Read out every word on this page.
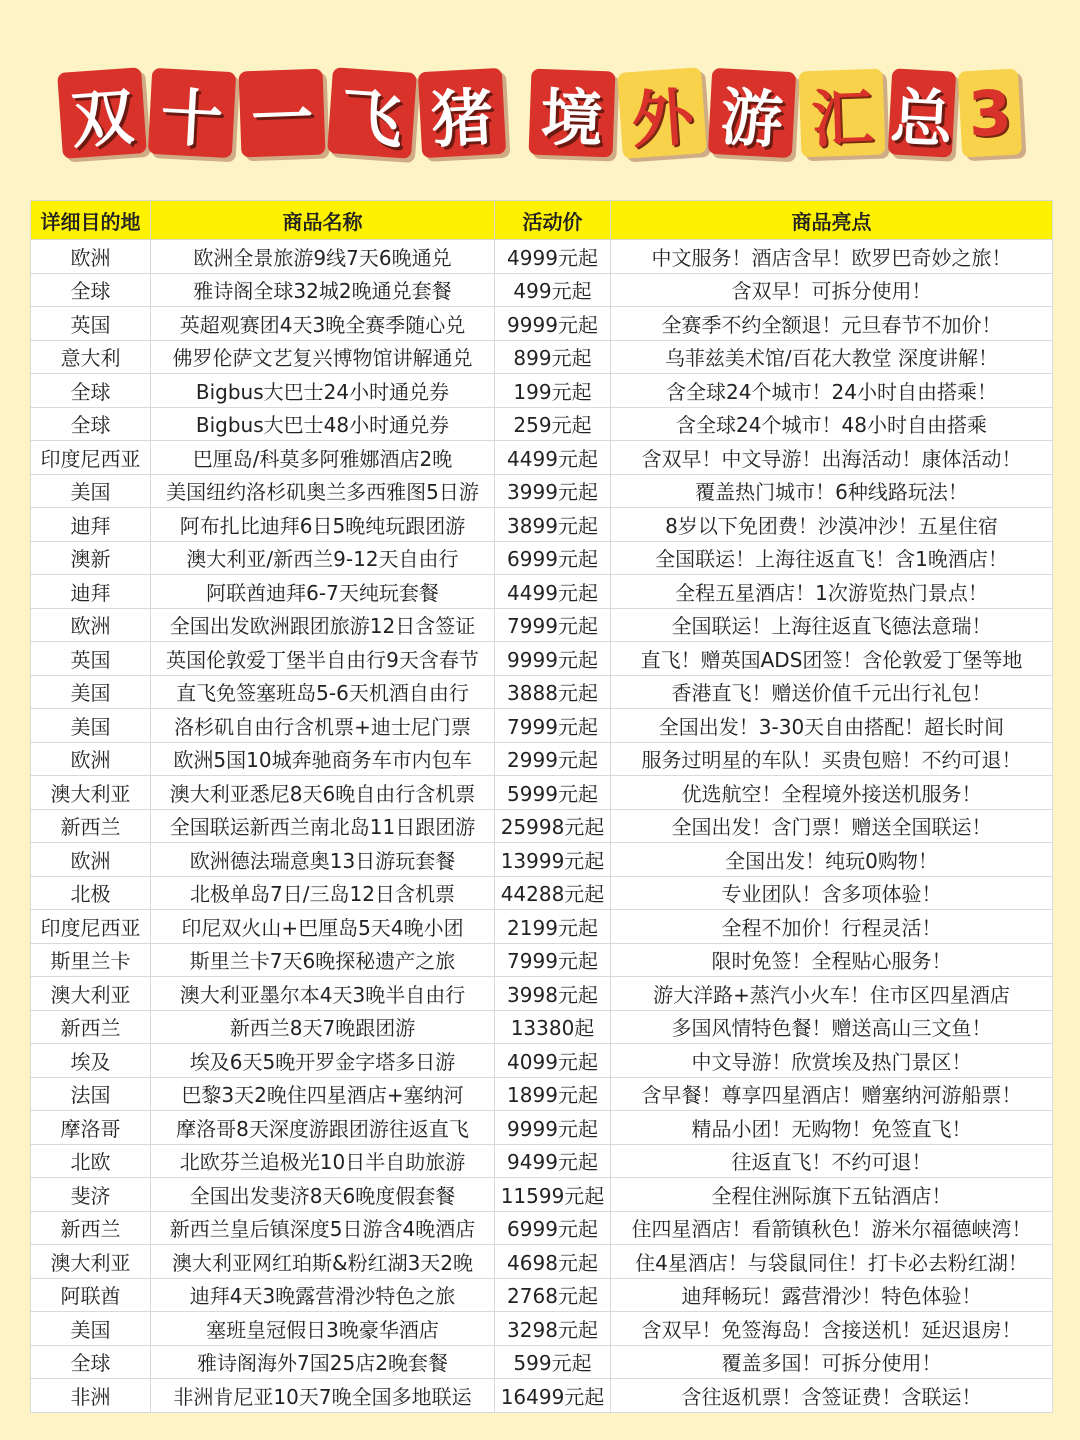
双 十 一 飞 猪 境 外 游 汇 总 3
详细目的地	商品名称	活动价	商品亮点
欧洲	欧洲全景旅游9线7天6晚通兑	4999元起	中文服务！酒店含早！欧罗巴奇妙之旅！
全球	雅诗阁全球32城2晚通兑套餐	499元起	含双早！可拆分使用！
英国	英超观赛团4天3晚全赛季随心兑	9999元起	全赛季不约全额退！元旦春节不加价！
意大利	佛罗伦萨文艺复兴博物馆讲解通兑	899元起	乌菲兹美术馆/百花大教堂 深度讲解！
全球	Bigbus大巴士24小时通兑券	199元起	含全球24个城市！24小时自由搭乘！
全球	Bigbus大巴士48小时通兑券	259元起	含全球24个城市！48小时自由搭乘
印度尼西亚	巴厘岛/科莫多阿雅娜酒店2晚	4499元起	含双早！中文导游！出海活动！康体活动！
美国	美国纽约洛杉矶奥兰多西雅图5日游	3999元起	覆盖热门城市！6种线路玩法！
迪拜	阿布扎比迪拜6日5晚纯玩跟团游	3899元起	8岁以下免团费！沙漠冲沙！五星住宿
澳新	澳大利亚/新西兰9-12天自由行	6999元起	全国联运！上海往返直飞！含1晚酒店！
迪拜	阿联酋迪拜6-7天纯玩套餐	4499元起	全程五星酒店！1次游览热门景点！
欧洲	全国出发欧洲跟团旅游12日含签证	7999元起	全国联运！上海往返直飞德法意瑞！
英国	英国伦敦爱丁堡半自由行9天含春节	9999元起	直飞！赠英国ADS团签！含伦敦爱丁堡等地
美国	直飞免签塞班岛5-6天机酒自由行	3888元起	香港直飞！赠送价值千元出行礼包！
美国	洛杉矶自由行含机票+迪士尼门票	7999元起	全国出发！3-30天自由搭配！超长时间
欧洲	欧洲5国10城奔驰商务车市内包车	2999元起	服务过明星的车队！买贵包赔！不约可退！
澳大利亚	澳大利亚悉尼8天6晚自由行含机票	5999元起	优选航空！全程境外接送机服务！
新西兰	全国联运新西兰南北岛11日跟团游	25998元起	全国出发！含门票！赠送全国联运！
欧洲	欧洲德法瑞意奥13日游玩套餐	13999元起	全国出发！纯玩0购物！
北极	北极单岛7日/三岛12日含机票	44288元起	专业团队！含多项体验！
印度尼西亚	印尼双火山+巴厘岛5天4晚小团	2199元起	全程不加价！行程灵活！
斯里兰卡	斯里兰卡7天6晚探秘遗产之旅	7999元起	限时免签！全程贴心服务！
澳大利亚	澳大利亚墨尔本4天3晚半自由行	3998元起	游大洋路+蒸汽小火车！住市区四星酒店
新西兰	新西兰8天7晚跟团游	13380起	多国风情特色餐！赠送高山三文鱼！
埃及	埃及6天5晚开罗金字塔多日游	4099元起	中文导游！欣赏埃及热门景区！
法国	巴黎3天2晚住四星酒店+塞纳河	1899元起	含早餐！尊享四星酒店！赠塞纳河游船票！
摩洛哥	摩洛哥8天深度游跟团游往返直飞	9999元起	精品小团！无购物！免签直飞！
北欧	北欧芬兰追极光10日半自助旅游	9499元起	往返直飞！不约可退！
斐济	全国出发斐济8天6晚度假套餐	11599元起	全程住洲际旗下五钻酒店！
新西兰	新西兰皇后镇深度5日游含4晚酒店	6999元起	住四星酒店！看箭镇秋色！游米尔福德峡湾！
澳大利亚	澳大利亚网红珀斯&粉红湖3天2晚	4698元起	住4星酒店！与袋鼠同住！打卡必去粉红湖！
阿联酋	迪拜4天3晚露营滑沙特色之旅	2768元起	迪拜畅玩！露营滑沙！特色体验！
美国	塞班皇冠假日3晚豪华酒店	3298元起	含双早！免签海岛！含接送机！延迟退房！
全球	雅诗阁海外7国25店2晚套餐	599元起	覆盖多国！可拆分使用！
非洲	非洲肯尼亚10天7晚全国多地联运	16499元起	含往返机票！含签证费！含联运！
